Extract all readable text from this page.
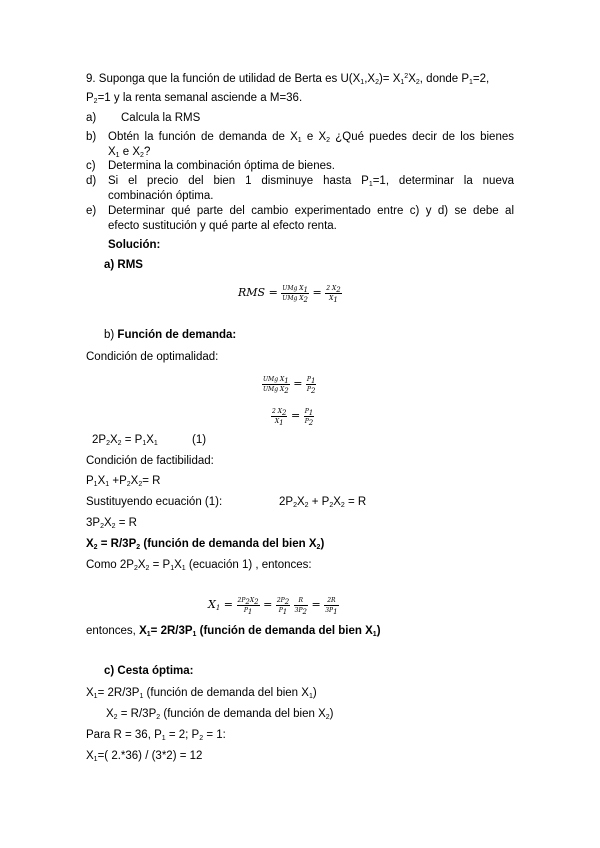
9. Suponga que la función de utilidad de Berta es $U(X_1,X_2)= X_1^2X_2$, donde $P_1=2$,
$P_2=1$ y la renta semanal asciende a M=36.
a) Calcula la RMS
b) Obtén la función de demanda de $X_1$ e $X_2$ ¿Qué puedes decir de los bienes
$X_1$ e $X_2$?
c) Determina la combinación óptima de bienes.
d) Si el precio del bien 1 disminuye hasta $P_1=1$, determinar la nueva
combinación óptima.
e) Determinar qué parte del cambio experimentado entre c) y d) se debe al
efecto sustitución y qué parte al efecto renta.
Solución:
a) RMS
RMS = UMg $X_1$
UMg $X_2$
= $\frac{2 X_2}{X_1}$
b) Función de demanda:
Condición de optimalidad:
UMg $X_1$
UMg $X_2$
= $\frac{P_1}{P_2}$
$\frac{2 X_2}{X_1} = \frac{P_1}{P_2}$
$2P_2X_2 = P_1X_1$	(1)
Condición de factibilidad:
$P_1X_1 +P_2X_2= R$
Sustituyendo ecuación (1):	$2P_2X_2 + P_2X_2 = R$
$3P_2X_2 = R$
$X_2 = R/3P_2$ (función de demanda del bien $X_2$)
Como $2P_2X_2 = P_1X_1$ (ecuación 1) , entonces:
$X_1 = \frac{2P_2X_2}{P_1} = \frac{2P_2}{P_1}$
$\frac{R}{3P_2} = \frac{2R}{3P_1}$
entonces, $X_1= 2R/3P_1$ (función de demanda del bien $X_1$)
c) Cesta óptima:
$X_1= 2R/3P_1$ (función de demanda del bien $X_1$)
$X_2 = R/3P_2$ (función de demanda del bien $X_2$)
Para R = 36, $P_1 = 2$; $P_2 = 1$:
$X_1=$( 2.*36) / (3*2) = 12
